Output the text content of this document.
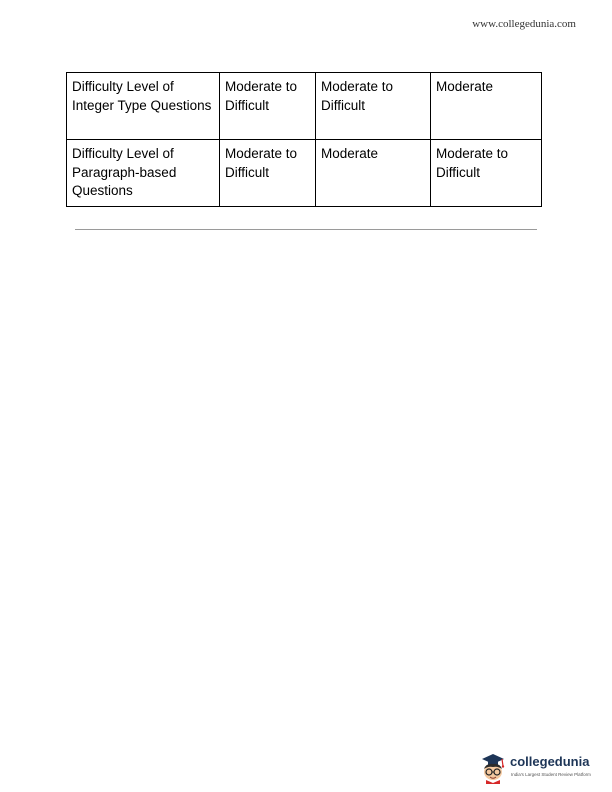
www.collegedunia.com
Difficulty Level of Integer Type Questions	Moderate to Difficult	Moderate to Difficult	Moderate
Difficulty Level of Paragraph-based Questions	Moderate to Difficult	Moderate	Moderate to Difficult
collegedunia
India's Largest Student Review Platform
